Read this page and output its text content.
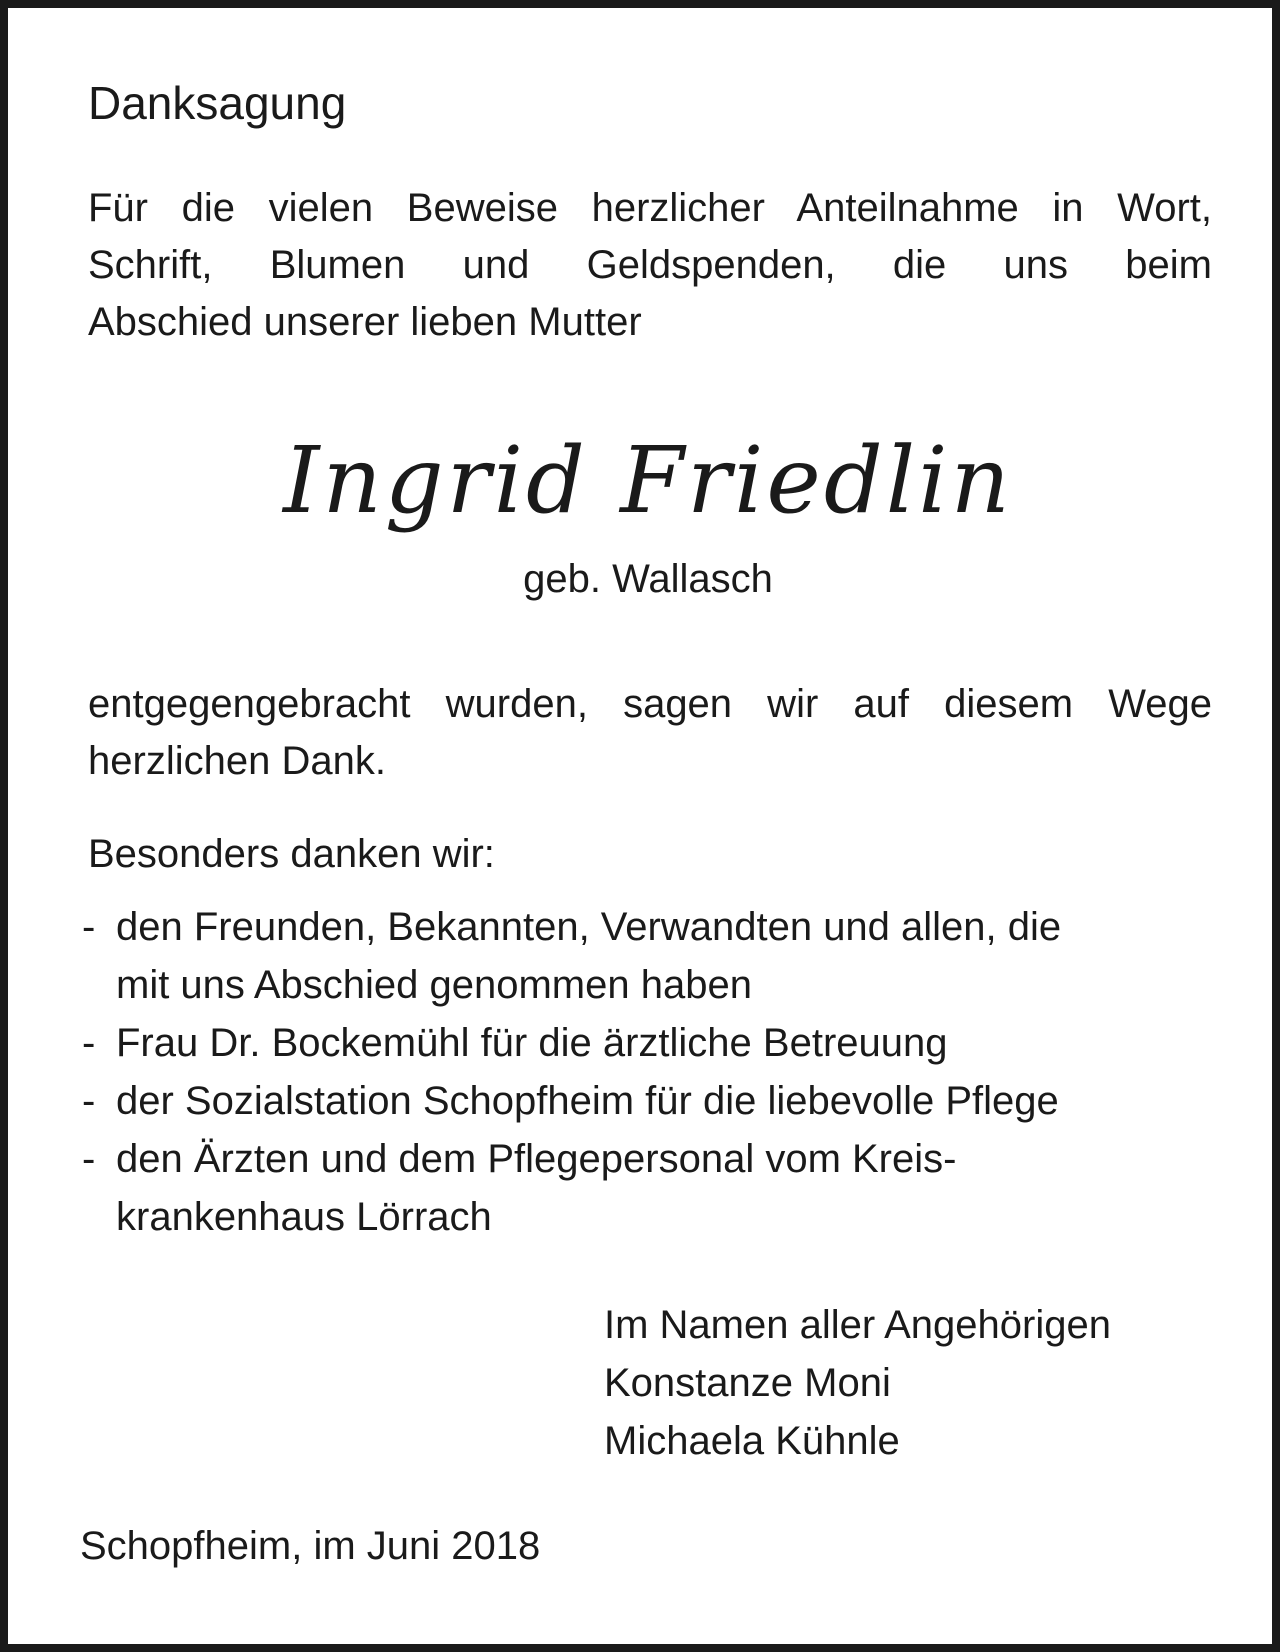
Danksagung
Für die vielen Beweise herzlicher Anteilnahme in Wort,
Schrift, Blumen und Geldspenden, die uns beim
Abschied unserer lieben Mutter
Ingrid Friedlin
geb. Wallasch
entgegengebracht wurden, sagen wir auf diesem Wege
herzlichen Dank.
Besonders danken wir:
- den Freunden, Bekannten, Verwandten und allen, die
mit uns Abschied genommen haben
- Frau Dr. Bockemühl für die ärztliche Betreuung
- der Sozialstation Schopfheim für die liebevolle Pflege
- den Ärzten und dem Pflegepersonal vom Kreis-
krankenhaus Lörrach
Im Namen aller Angehörigen
Konstanze Moni
Michaela Kühnle
Schopfheim, im Juni 2018
